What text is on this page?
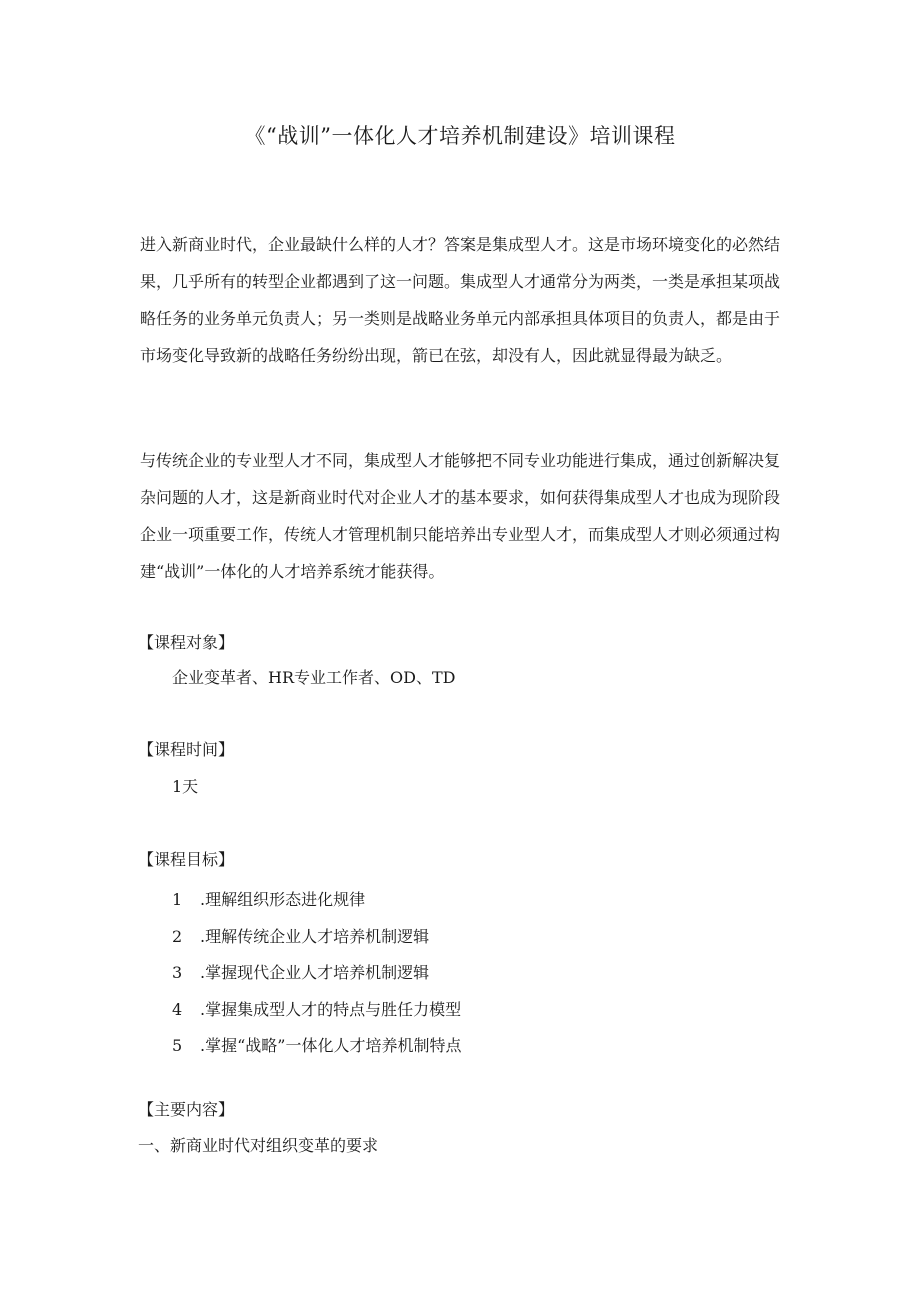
《“战训”一体化人才培养机制建设》培训课程

进入新商业时代，企业最缺什么样的人才？答案是集成型人才。这是市场环境变化的必然结果，几乎所有的转型企业都遇到了这一问题。集成型人才通常分为两类，一类是承担某项战略任务的业务单元负责人；另一类则是战略业务单元内部承担具体项目的负责人，都是由于市场变化导致新的战略任务纷纷出现，箭已在弦，却没有人，因此就显得最为缺乏。

与传统企业的专业型人才不同，集成型人才能够把不同专业功能进行集成，通过创新解决复杂问题的人才，这是新商业时代对企业人才的基本要求，如何获得集成型人才也成为现阶段企业一项重要工作，传统人才管理机制只能培养出专业型人才，而集成型人才则必须通过构建“战训”一体化的人才培养系统才能获得。

【课程对象】

企业变革者、HR专业工作者、OD、TD

【课程时间】

1天

【课程目标】

1 .理解组织形态进化规律
2 .理解传统企业人才培养机制逻辑
3 .掌握现代企业人才培养机制逻辑
4 .掌握集成型人才的特点与胜任力模型
5 .掌握“战略”一体化人才培养机制特点

【主要内容】

一、新商业时代对组织变革的要求
